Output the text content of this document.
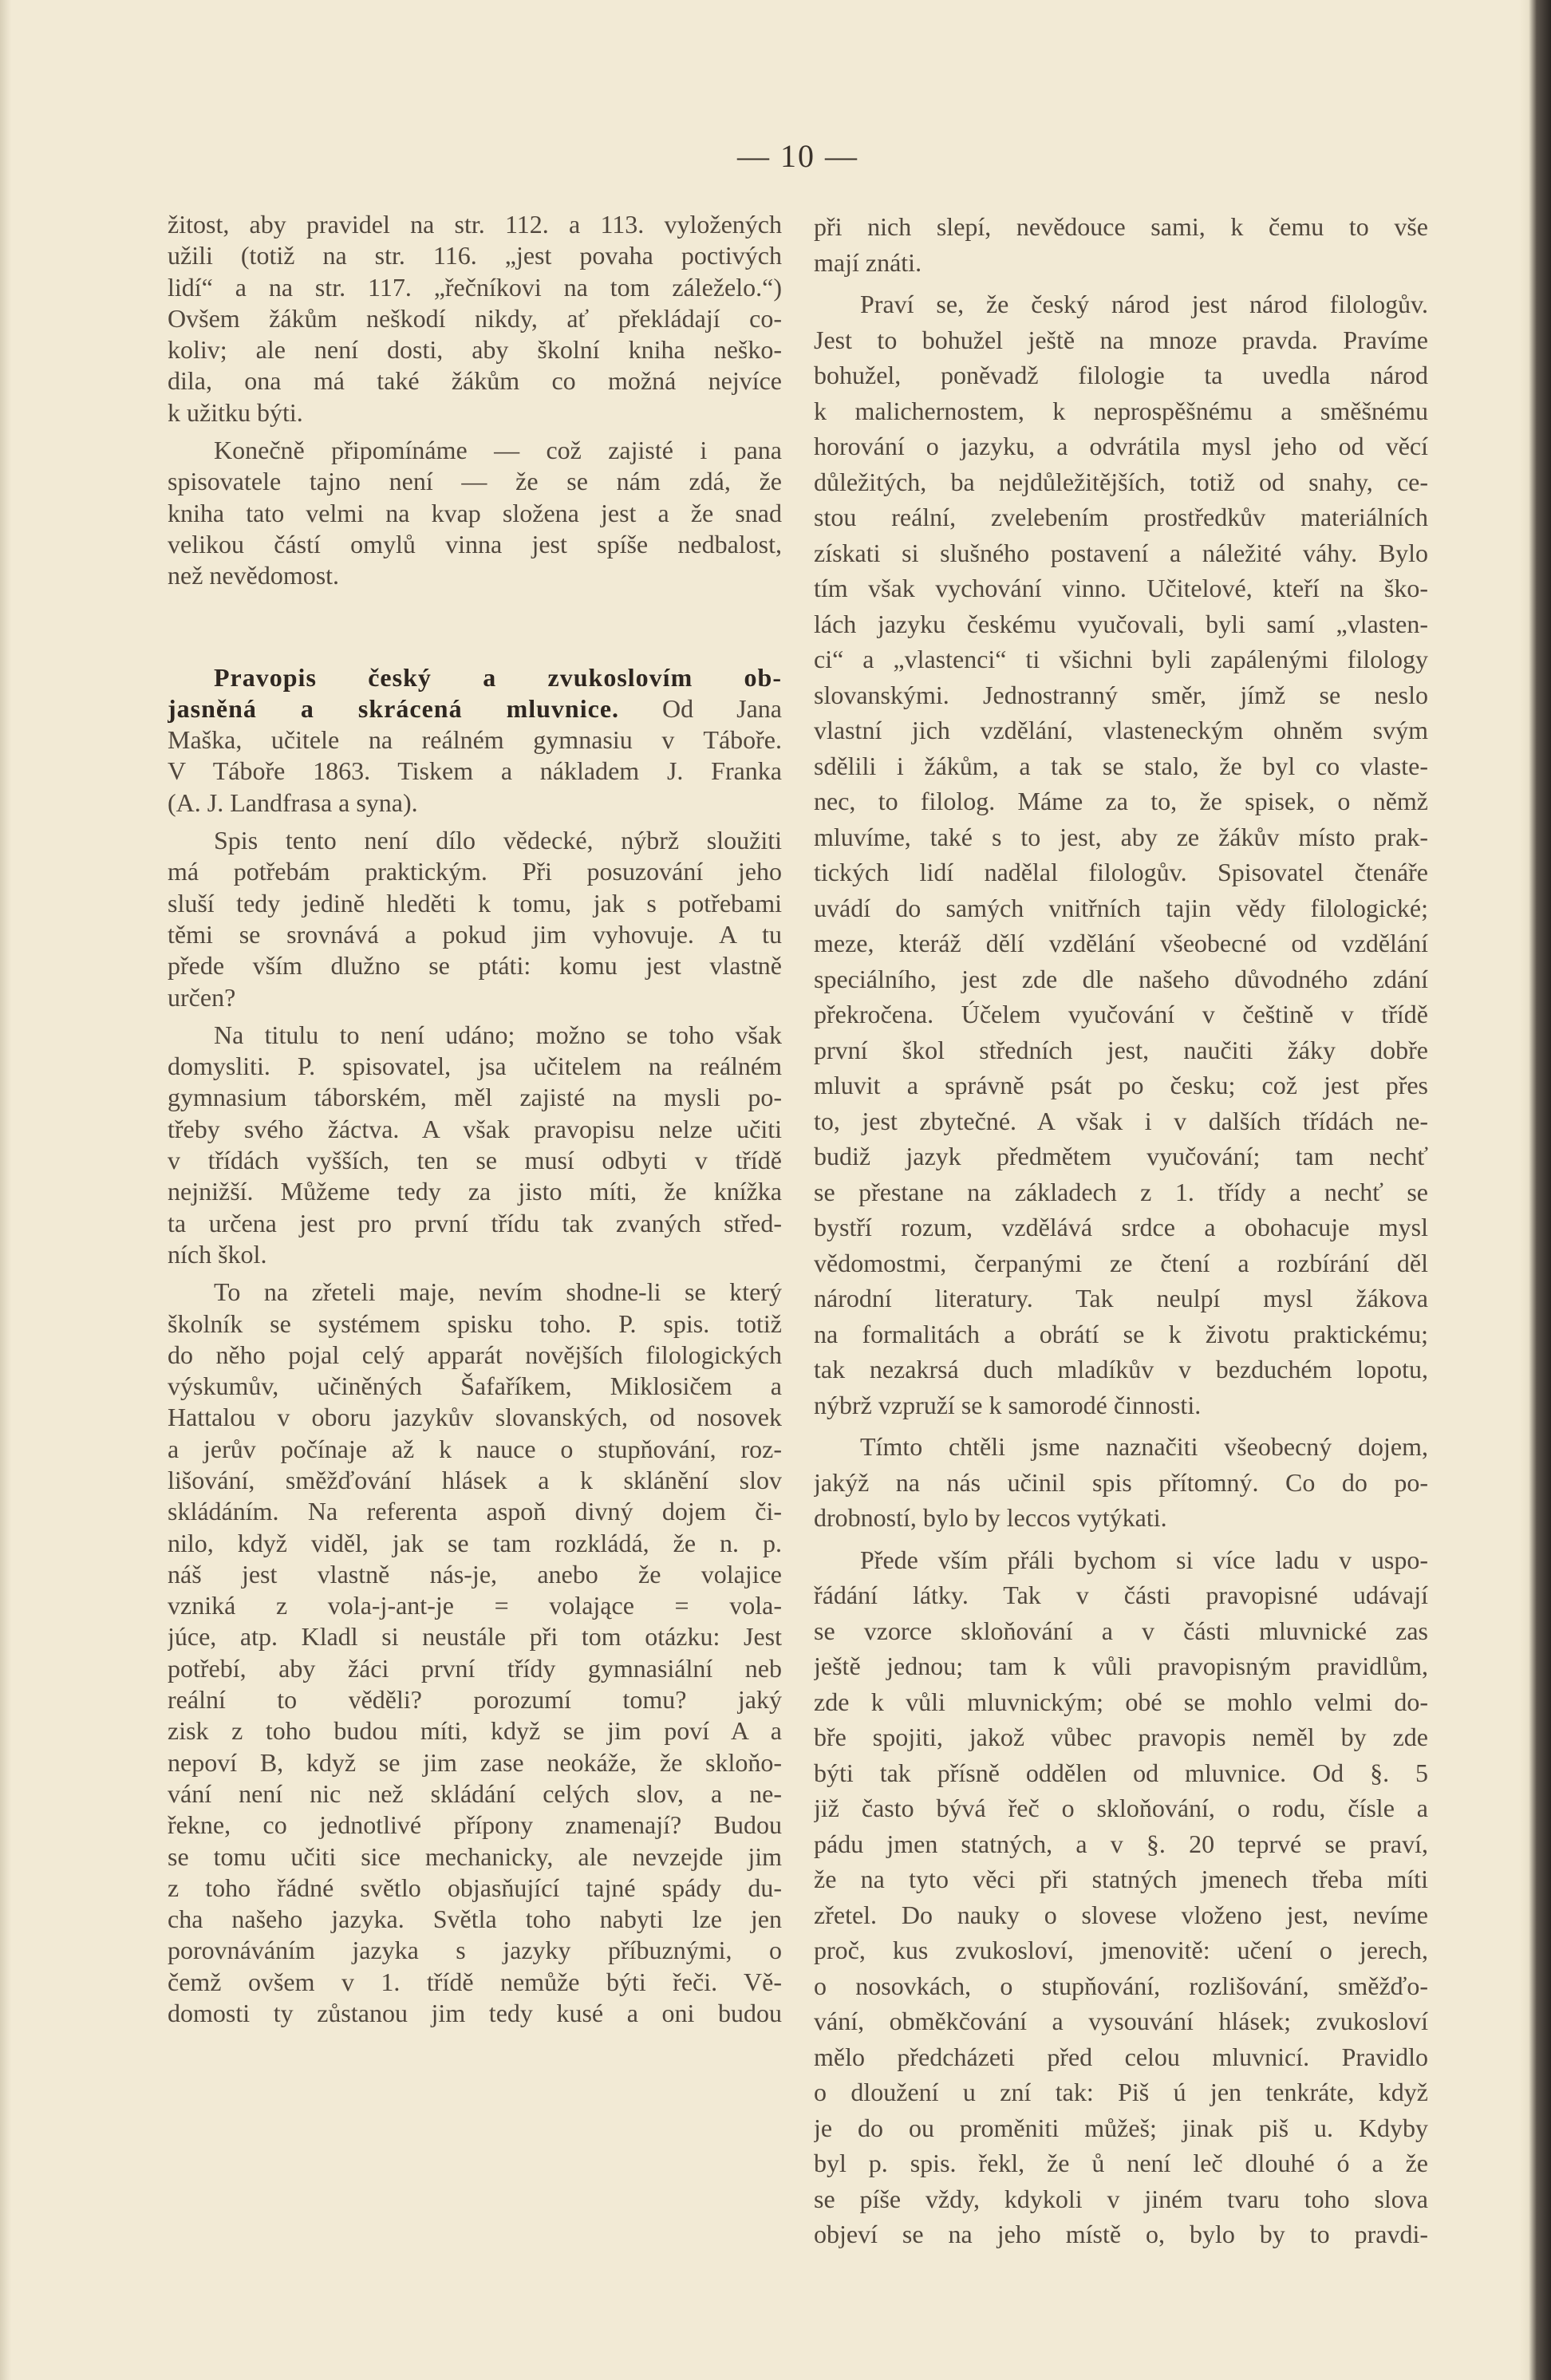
— 10 —
žitost, aby pravidel na str. 112. a 113. vyložených
užili (totiž na str. 116. „jest povaha poctivých
lidí“ a na str. 117. „řečníkovi na tom záleželo.“)
Ovšem žákům neškodí nikdy, ať překládají co-
koliv; ale není dosti, aby školní kniha neško-
dila, ona má také žákům co možná nejvíce
k užitku býti.
Konečně připomínáme — což zajisté i pana
spisovatele tajno není — že se nám zdá, že
kniha tato velmi na kvap složena jest a že snad
velikou částí omylů vinna jest spíše nedbalost,
než nevědomost.
Pravopis český a zvukoslovím ob-
jasněná a skrácená mluvnice. Od Jana
Maška, učitele na reálném gymnasiu v Táboře.
V Táboře 1863. Tiskem a nákladem J. Franka
(A. J. Landfrasa a syna).
Spis tento není dílo vědecké, nýbrž sloužiti
má potřebám praktickým. Při posuzování jeho
sluší tedy jedině hleděti k tomu, jak s potřebami
těmi se srovnává a pokud jim vyhovuje. A tu
přede vším dlužno se ptáti: komu jest vlastně
určen?
Na titulu to není udáno; možno se toho však
domysliti. P. spisovatel, jsa učitelem na reálném
gymnasium táborském, měl zajisté na mysli po-
třeby svého žáctva. A však pravopisu nelze učiti
v třídách vyšších, ten se musí odbyti v třídě
nejnižší. Můžeme tedy za jisto míti, že knížka
ta určena jest pro první třídu tak zvaných střed-
ních škol.
To na zřeteli maje, nevím shodne-li se který
školník se systémem spisku toho. P. spis. totiž
do něho pojal celý apparát novějších filologických
výskumův, učiněných Šafaříkem, Miklosičem a
Hattalou v oboru jazykův slovanských, od nosovek
a jerův počínaje až k nauce o stupňování, roz-
lišování, směžďování hlásek a k sklánění slov
skládáním. Na referenta aspoň divný dojem či-
nilo, když viděl, jak se tam rozkládá, že n. p.
náš jest vlastně nás-je, anebo že volajice
vzniká z vola-j-ant-je = volające = vola-
júce, atp. Kladl si neustále při tom otázku: Jest
potřebí, aby žáci první třídy gymnasiální neb
reální to věděli? porozumí tomu? jaký
zisk z toho budou míti, když se jim poví A a
nepoví B, když se jim zase neokáže, že skloňo-
vání není nic než skládání celých slov, a ne-
řekne, co jednotlivé přípony znamenají? Budou
se tomu učiti sice mechanicky, ale nevzejde jim
z toho řádné světlo objasňující tajné spády du-
cha našeho jazyka. Světla toho nabyti lze jen
porovnáváním jazyka s jazyky příbuznými, o
čemž ovšem v 1. třídě nemůže býti řeči. Vě-
domosti ty zůstanou jim tedy kusé a oni budou
při nich slepí, nevědouce sami, k čemu to vše
mají znáti.
Praví se, že český národ jest národ filologův.
Jest to bohužel ještě na mnoze pravda. Pravíme
bohužel, poněvadž filologie ta uvedla národ
k malichernostem, k neprospěšnému a směšnému
horování o jazyku, a odvrátila mysl jeho od věcí
důležitých, ba nejdůležitějších, totiž od snahy, ce-
stou reální, zvelebením prostředkův materiálních
získati si slušného postavení a náležité váhy. Bylo
tím však vychování vinno. Učitelové, kteří na ško-
lách jazyku českému vyučovali, byli samí „vlasten-
ci“ a „vlastenci“ ti všichni byli zapálenými filology
slovanskými. Jednostranný směr, jímž se neslo
vlastní jich vzdělání, vlasteneckým ohněm svým
sdělili i žákům, a tak se stalo, že byl co vlaste-
nec, to filolog. Máme za to, že spisek, o němž
mluvíme, také s to jest, aby ze žákův místo prak-
tických lidí nadělal filologův. Spisovatel čtenáře
uvádí do samých vnitřních tajin vědy filologické;
meze, kteráž dělí vzdělání všeobecné od vzdělání
speciálního, jest zde dle našeho důvodného zdání
překročena. Účelem vyučování v češtině v třídě
první škol středních jest, naučiti žáky dobře
mluvit a správně psát po česku; což jest přes
to, jest zbytečné. A však i v dalších třídách ne-
budiž jazyk předmětem vyučování; tam nechť
se přestane na základech z 1. třídy a nechť se
bystří rozum, vzdělává srdce a obohacuje mysl
vědomostmi, čerpanými ze čtení a rozbírání děl
národní literatury. Tak neulpí mysl žákova
na formalitách a obrátí se k životu praktickému;
tak nezakrsá duch mladíkův v bezduchém lopotu,
nýbrž vzpruží se k samorodé činnosti.
Tímto chtěli jsme naznačiti všeobecný dojem,
jakýž na nás učinil spis přítomný. Co do po-
drobností, bylo by leccos vytýkati.
Přede vším přáli bychom si více ladu v uspo-
řádání látky. Tak v části pravopisné udávají
se vzorce skloňování a v části mluvnické zas
ještě jednou; tam k vůli pravopisným pravidlům,
zde k vůli mluvnickým; obé se mohlo velmi do-
bře spojiti, jakož vůbec pravopis neměl by zde
býti tak přísně oddělen od mluvnice. Od §. 5
již často bývá řeč o skloňování, o rodu, čísle a
pádu jmen statných, a v §. 20 teprvé se praví,
že na tyto věci při statných jmenech třeba míti
zřetel. Do nauky o slovese vloženo jest, nevíme
proč, kus zvukosloví, jmenovitě: učení o jerech,
o nosovkách, o stupňování, rozlišování, směžďo-
vání, obměkčování a vysouvání hlásek; zvukosloví
mělo předcházeti před celou mluvnicí. Pravidlo
o dloužení u zní tak: Piš ú jen tenkráte, když
je do ou proměniti můžeš; jinak piš u. Kdyby
byl p. spis. řekl, že ů není leč dlouhé ó a že
se píše vždy, kdykoli v jiném tvaru toho slova
objeví se na jeho místě o, bylo by to pravdi-
